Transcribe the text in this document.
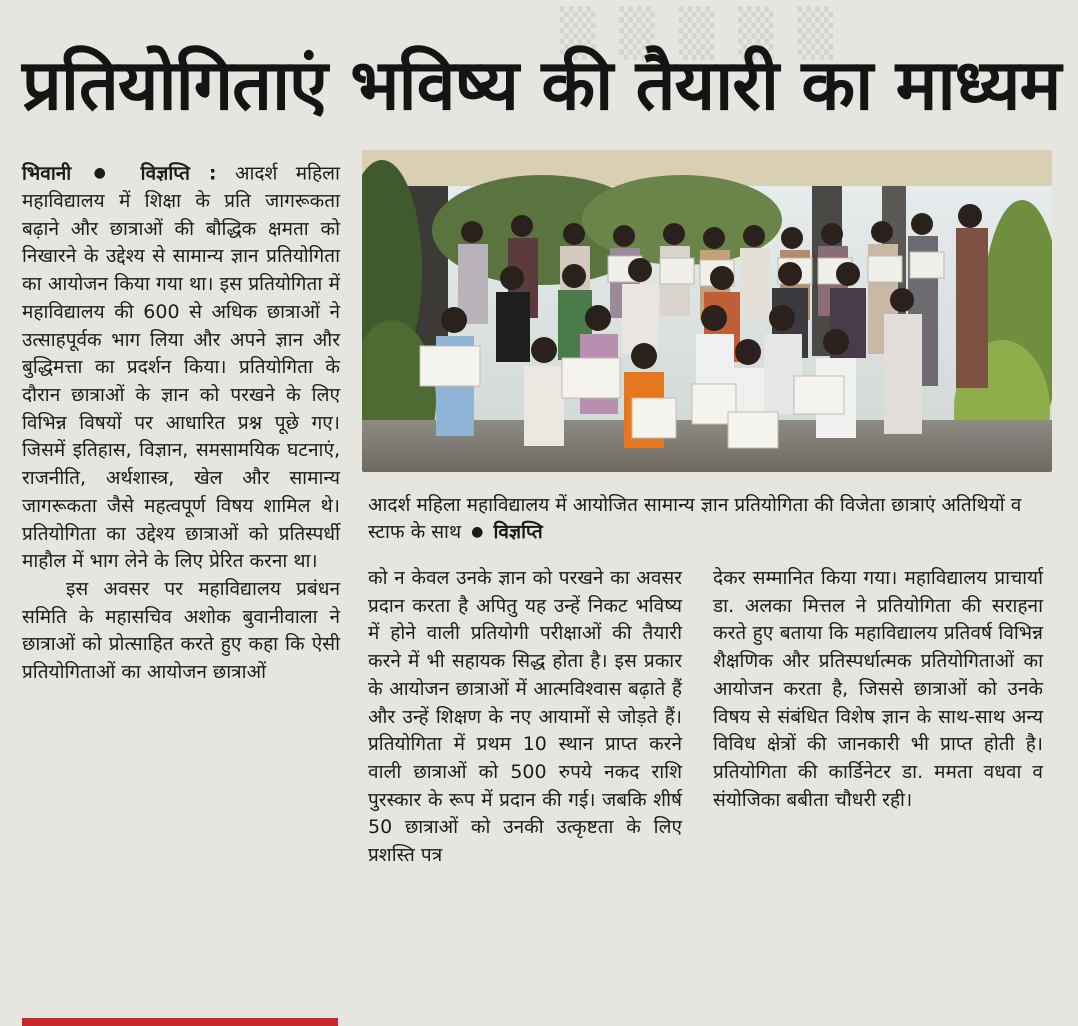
▒ ▒ ▒ ▒ ▒
प्रतियोगिताएं भविष्य की तैयारी का माध्यम

भिवानी ● विज्ञप्ति : आदर्श महिला महाविद्यालय में शिक्षा के प्रति जागरूकता बढ़ाने और छात्राओं की बौद्धिक क्षमता को निखारने के उद्देश्य से सामान्य ज्ञान प्रतियोगिता का आयोजन किया गया था। इस प्रतियोगिता में महाविद्यालय की 600 से अधिक छात्राओं ने उत्साहपूर्वक भाग लिया और अपने ज्ञान और बुद्धिमत्ता का प्रदर्शन किया। प्रतियोगिता के दौरान छात्राओं के ज्ञान को परखने के लिए विभिन्न विषयों पर आधारित प्रश्न पूछे गए। जिसमें इतिहास, विज्ञान, समसामयिक घटनाएं, राजनीति, अर्थशास्त्र, खेल और सामान्य जागरूकता जैसे महत्वपूर्ण विषय शामिल थे। प्रतियोगिता का उद्देश्य छात्राओं को प्रतिस्पर्धी माहौल में भाग लेने के लिए प्रेरित करना था।
इस अवसर पर महाविद्यालय प्रबंधन समिति के महासचिव अशोक बुवानीवाला ने छात्राओं को प्रोत्साहित करते हुए कहा कि ऐसी प्रतियोगिताओं का आयोजन छात्राओं

आदर्श महिला महाविद्यालय में आयोजित सामान्य ज्ञान प्रतियोगिता की विजेता छात्राएं अतिथियों व स्टाफ के साथ ● विज्ञप्ति

को न केवल उनके ज्ञान को परखने का अवसर प्रदान करता है अपितु यह उन्हें निकट भविष्य में होने वाली प्रतियोगी परीक्षाओं की तैयारी करने में भी सहायक सिद्ध होता है। इस प्रकार के आयोजन छात्राओं में आत्मविश्वास बढ़ाते हैं और उन्हें शिक्षण के नए आयामों से जोड़ते हैं। प्रतियोगिता में प्रथम 10 स्थान प्राप्त करने वाली छात्राओं को 500 रुपये नकद राशि पुरस्कार के रूप में प्रदान की गई। जबकि शीर्ष 50 छात्राओं को उनकी उत्कृष्टता के लिए प्रशस्ति पत्र

देकर सम्मानित किया गया। महाविद्यालय प्राचार्या डा. अलका मित्तल ने प्रतियोगिता की सराहना करते हुए बताया कि महाविद्यालय प्रतिवर्ष विभिन्न शैक्षणिक और प्रतिस्पर्धात्मक प्रतियोगिताओं का आयोजन करता है, जिससे छात्राओं को उनके विषय से संबंधित विशेष ज्ञान के साथ-साथ अन्य विविध क्षेत्रों की जानकारी भी प्राप्त होती है। प्रतियोगिता की कार्डिनेटर डा. ममता वधवा व संयोजिका बबीता चौधरी रही।
